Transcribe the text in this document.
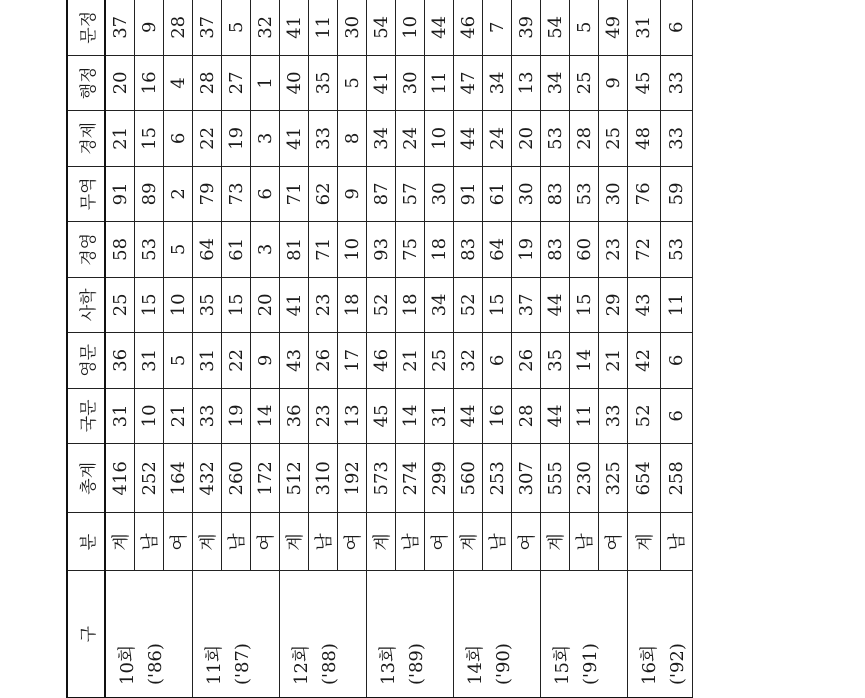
구	분	총계	국문	영문	사학	경영	무역	경제	행정	문정

10회 ('86)	계	416	31	36	25	58	91	21	20	37
	남	252	10	31	15	53	89	15	16	9
	여	164	21	5	10	5	2	6	4	28

11회 ('87)	계	432	33	31	35	64	79	22	28	37
	남	260	19	22	15	61	73	19	27	5
	여	172	14	9	20	3	6	3	1	32

12회 ('88)	계	512	36	43	41	81	71	41	40	41
	남	310	23	26	23	71	62	33	35	11
	여	192	13	17	18	10	9	8	5	30

13회 ('89)	계	573	45	46	52	93	87	34	41	54
	남	274	14	21	18	75	57	24	30	10
	여	299	31	25	34	18	30	10	11	44

14회 ('90)	계	560	44	32	52	83	91	44	47	46
	남	253	16	6	15	64	61	24	34	7
	여	307	28	26	37	19	30	20	13	39

15회 ('91)	계	555	44	35	44	83	83	53	34	54
	남	230	11	14	15	60	53	28	25	5
	여	325	33	21	29	23	30	25	9	49

16회 ('92)	계	654	52	42	43	72	76	48	45	31
	남	258	6	6	11	53	59	33	33	6
